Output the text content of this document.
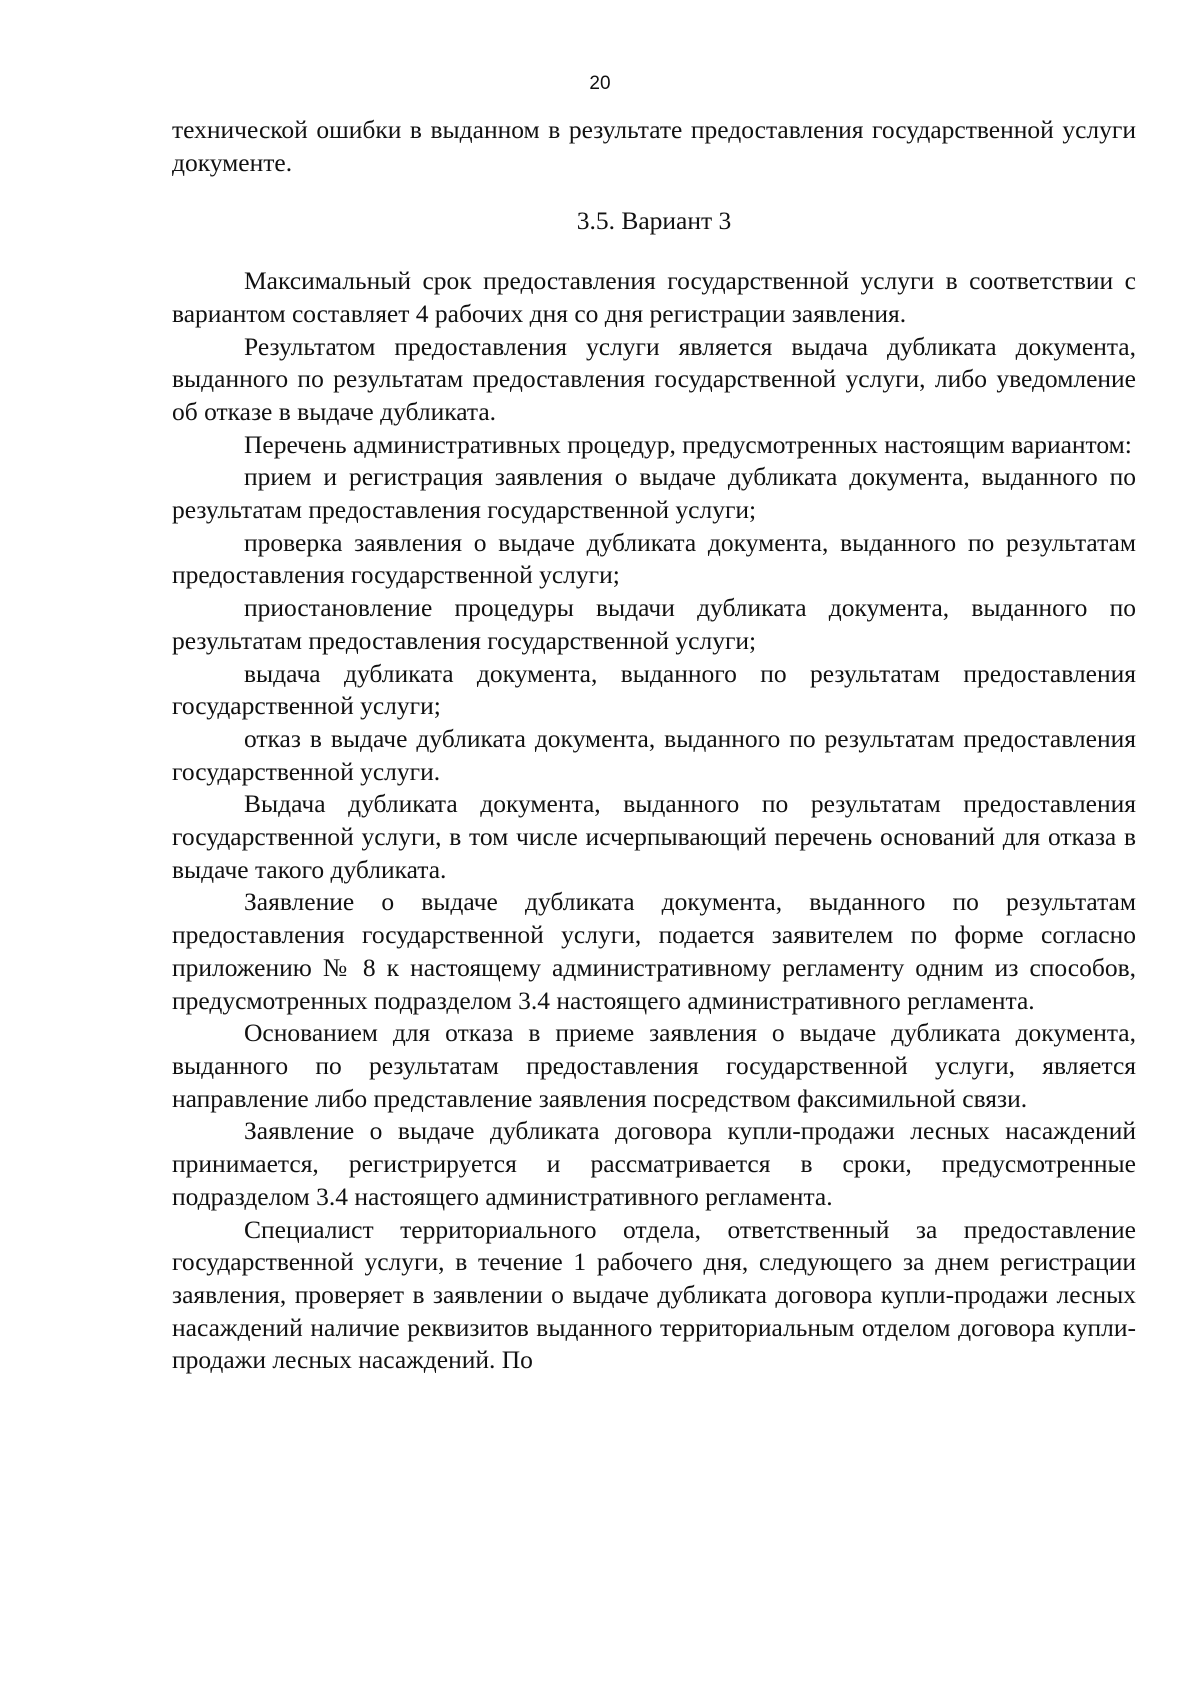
20

технической ошибки в выданном в результате предоставления государственной услуги документе.

3.5. Вариант 3

Максимальный срок предоставления государственной услуги в соответствии с вариантом составляет 4 рабочих дня со дня регистрации заявления.

Результатом предоставления услуги является выдача дубликата документа, выданного по результатам предоставления государственной услуги, либо уведомление об отказе в выдаче дубликата.

Перечень административных процедур, предусмотренных настоящим вариантом:

прием и регистрация заявления о выдаче дубликата документа, выданного по результатам предоставления государственной услуги;

проверка заявления о выдаче дубликата документа, выданного по результатам предоставления государственной услуги;

приостановление процедуры выдачи дубликата документа, выданного по результатам предоставления государственной услуги;

выдача дубликата документа, выданного по результатам предоставления государственной услуги;

отказ в выдаче дубликата документа, выданного по результатам предоставления государственной услуги.

Выдача дубликата документа, выданного по результатам предоставления государственной услуги, в том числе исчерпывающий перечень оснований для отказа в выдаче такого дубликата.

Заявление о выдаче дубликата документа, выданного по результатам предоставления государственной услуги, подается заявителем по форме согласно приложению № 8 к настоящему административному регламенту одним из способов, предусмотренных подразделом 3.4 настоящего административного регламента.

Основанием для отказа в приеме заявления о выдаче дубликата документа, выданного по результатам предоставления государственной услуги, является направление либо представление заявления посредством факсимильной связи.

Заявление о выдаче дубликата договора купли-продажи лесных насаждений принимается, регистрируется и рассматривается в сроки, предусмотренные подразделом 3.4 настоящего административного регламента.

Специалист территориального отдела, ответственный за предоставление государственной услуги, в течение 1 рабочего дня, следующего за днем регистрации заявления, проверяет в заявлении о выдаче дубликата договора купли-продажи лесных насаждений наличие реквизитов выданного территориальным отделом договора купли-продажи лесных насаждений. По
